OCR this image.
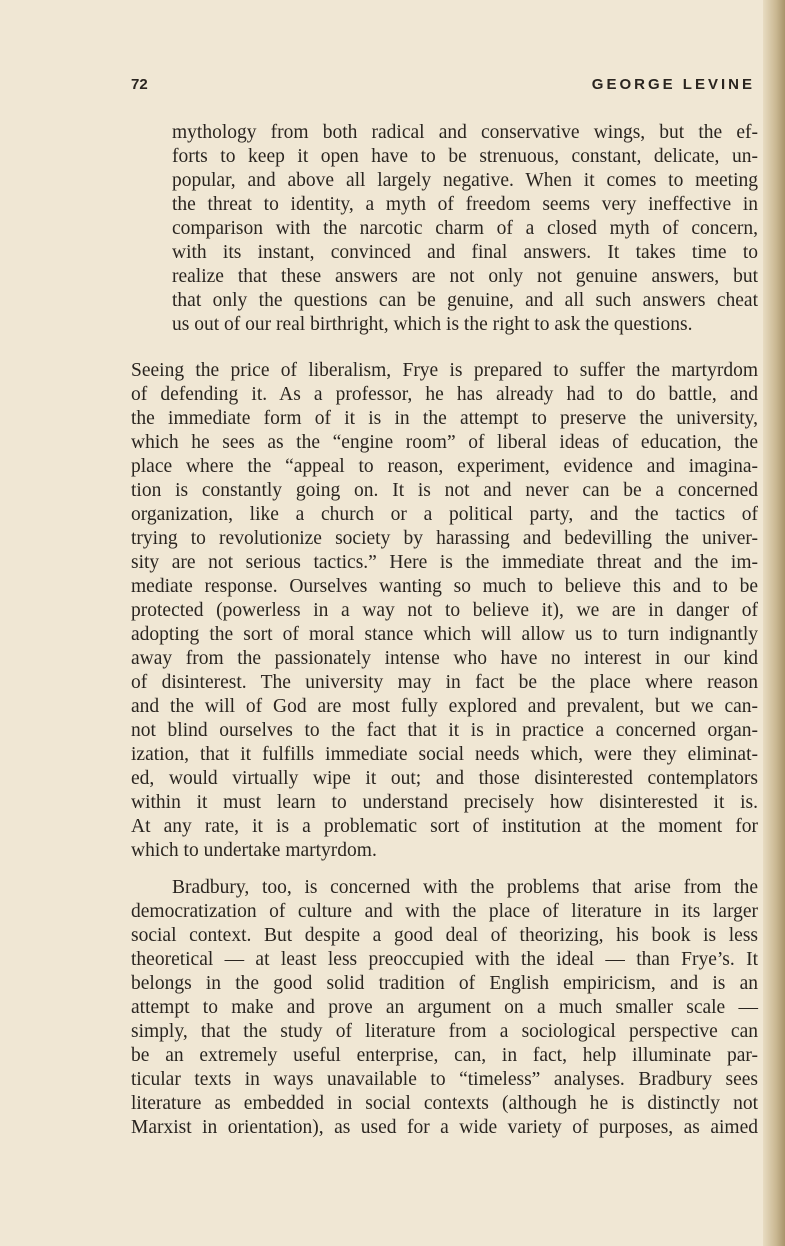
72	GEORGE LEVINE
mythology from both radical and conservative wings, but the ef-
forts to keep it open have to be strenuous, constant, delicate, un-
popular, and above all largely negative. When it comes to meeting
the threat to identity, a myth of freedom seems very ineffective in
comparison with the narcotic charm of a closed myth of concern,
with its instant, convinced and final answers. It takes time to
realize that these answers are not only not genuine answers, but
that only the questions can be genuine, and all such answers cheat
us out of our real birthright, which is the right to ask the questions.
Seeing the price of liberalism, Frye is prepared to suffer the martyrdom
of defending it. As a professor, he has already had to do battle, and
the immediate form of it is in the attempt to preserve the university,
which he sees as the “engine room” of liberal ideas of education, the
place where the “appeal to reason, experiment, evidence and imagina-
tion is constantly going on. It is not and never can be a concerned
organization, like a church or a political party, and the tactics of
trying to revolutionize society by harassing and bedevilling the univer-
sity are not serious tactics.” Here is the immediate threat and the im-
mediate response. Ourselves wanting so much to believe this and to be
protected (powerless in a way not to believe it), we are in danger of
adopting the sort of moral stance which will allow us to turn indignantly
away from the passionately intense who have no interest in our kind
of disinterest. The university may in fact be the place where reason
and the will of God are most fully explored and prevalent, but we can-
not blind ourselves to the fact that it is in practice a concerned organ-
ization, that it fulfills immediate social needs which, were they eliminat-
ed, would virtually wipe it out; and those disinterested contemplators
within it must learn to understand precisely how disinterested it is.
At any rate, it is a problematic sort of institution at the moment for
which to undertake martyrdom.
Bradbury, too, is concerned with the problems that arise from the
democratization of culture and with the place of literature in its larger
social context. But despite a good deal of theorizing, his book is less
theoretical — at least less preoccupied with the ideal — than Frye’s. It
belongs in the good solid tradition of English empiricism, and is an
attempt to make and prove an argument on a much smaller scale —
simply, that the study of literature from a sociological perspective can
be an extremely useful enterprise, can, in fact, help illuminate par-
ticular texts in ways unavailable to “timeless” analyses. Bradbury sees
literature as embedded in social contexts (although he is distinctly not
Marxist in orientation), as used for a wide variety of purposes, as aimed
